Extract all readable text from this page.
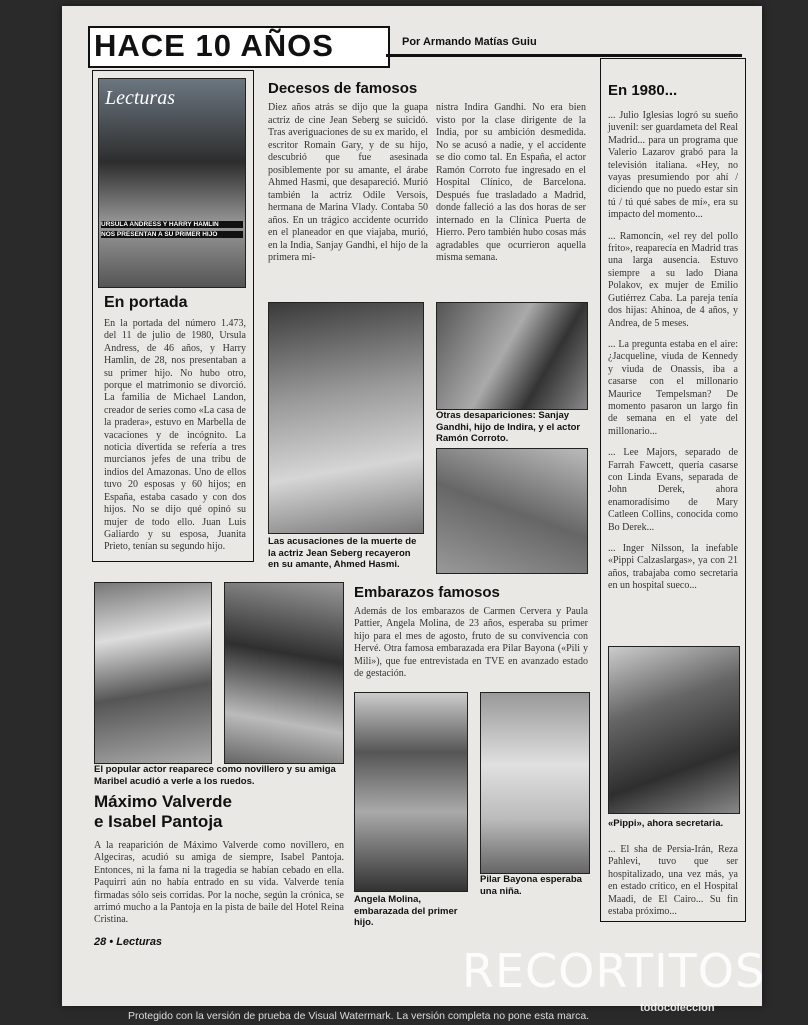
HACE 10 AÑOS	Por Armando Matías Guiu
Lecturas
URSULA ANDRESS Y HARRY HAMLIN
NOS PRESENTAN A SU PRIMER HIJO
En portada
En la portada del número 1.473, del 11 de julio de 1980, Ursula Andress, de 46 años, y Harry Hamlin, de 28, nos presentaban a su primer hijo. No hubo otro, porque el matrimonio se divorció. La familia de Michael Landon, creador de series como «La casa de la pradera», estuvo en Marbella de vacaciones y de incógnito. La noticia divertida se refería a tres murcianos jefes de una tribu de indios del Amazonas. Uno de ellos tuvo 20 esposas y 60 hijos; en España, estaba casado y con dos hijos. No se dijo qué opinó su mujer de todo ello. Juan Luis Galiardo y su esposa, Juanita Prieto, tenían su segundo hijo.
Decesos de famosos
Diez años atrás se dijo que la guapa actriz de cine Jean Seberg se suicidó. Tras averiguaciones de su ex marido, el escritor Romain Gary, y de su hijo, descubrió que fue asesinada posiblemente por su amante, el árabe Ahmed Hasmi, que desapareció. Murió también la actriz Odile Versois, hermana de Marina Vlady. Contaba 50 años. En un trágico accidente ocurrido en el planeador en que viajaba, murió, en la India, Sanjay Gandhi, el hijo de la primera mi-
nistra Indira Gandhi. No era bien visto por la clase dirigente de la India, por su ambición desmedida. No se acusó a nadie, y el accidente se dio como tal. En España, el actor Ramón Corroto fue ingresado en el Hospital Clínico, de Barcelona. Después fue trasladado a Madrid, donde falleció a las dos horas de ser internado en la Clínica Puerta de Hierro. Pero también hubo cosas más agradables que ocurrieron aquella misma semana.
Las acusaciones de la muerte de la actriz Jean Seberg recayeron en su amante, Ahmed Hasmi.
Otras desapariciones: Sanjay Gandhi, hijo de Indira, y el actor Ramón Corroto.
En 1980...

... Julio Iglesias logró su sueño juvenil: ser guardameta del Real Madrid... para un programa que Valerio Lazarov grabó para la televisión italiana. «Hey, no vayas presumiendo por ahí / diciendo que no puedo estar sin tú / tú qué sabes de mí», era su impacto del momento...

... Ramoncín, «el rey del pollo frito», reaparecía en Madrid tras una larga ausencia. Estuvo siempre a su lado Diana Polakov, ex mujer de Emilio Gutiérrez Caba. La pareja tenía dos hijas: Ahinoa, de 4 años, y Andrea, de 5 meses.

... La pregunta estaba en el aire: ¿Jacqueline, viuda de Kennedy y viuda de Onassis, iba a casarse con el millonario Maurice Tempelsman? De momento pasaron un largo fin de semana en el yate del millonario...

... Lee Majors, separado de Farrah Fawcett, quería casarse con Linda Evans, separada de John Derek, ahora enamoradísimo de Mary Catleen Collins, conocida como Bo Derek...

... Inger Nilsson, la inefable «Pippi Calzaslargas», ya con 21 años, trabajaba como secretaria en un hospital sueco...

«Pippi», ahora secretaria.
... El sha de Persia-Irán, Reza Pahlevi, tuvo que ser hospitalizado, una vez más, ya en estado crítico, en el Hospital Maadi, de El Cairo... Su fin estaba próximo...
El popular actor reaparece como novillero y su amiga Maribel acudió a verle a los ruedos.
Máximo Valverde
e Isabel Pantoja
A la reaparición de Máximo Valverde como novillero, en Algeciras, acudió su amiga de siempre, Isabel Pantoja. Entonces, ni la fama ni la tragedia se habían cebado en ella. Paquirri aún no había entrado en su vida. Valverde tenía firmadas sólo seis corridas. Por la noche, según la crónica, se arrimó mucho a la Pantoja en la pista de baile del Hotel Reina Cristina.
Embarazos famosos
Además de los embarazos de Carmen Cervera y Paula Pattier, Angela Molina, de 23 años, esperaba su primer hijo para el mes de agosto, fruto de su convivencia con Hervé. Otra famosa embarazada era Pilar Bayona («Pili y Mili»), que fue entrevistada en TVE en avanzado estado de gestación.
Angela Molina, embarazada del primer hijo.
Pilar Bayona esperaba una niña.
28 • Lecturas
RECORTITOS
todocoleccion
Protegido con la versión de prueba de Visual Watermark. La versión completa no pone esta marca.
